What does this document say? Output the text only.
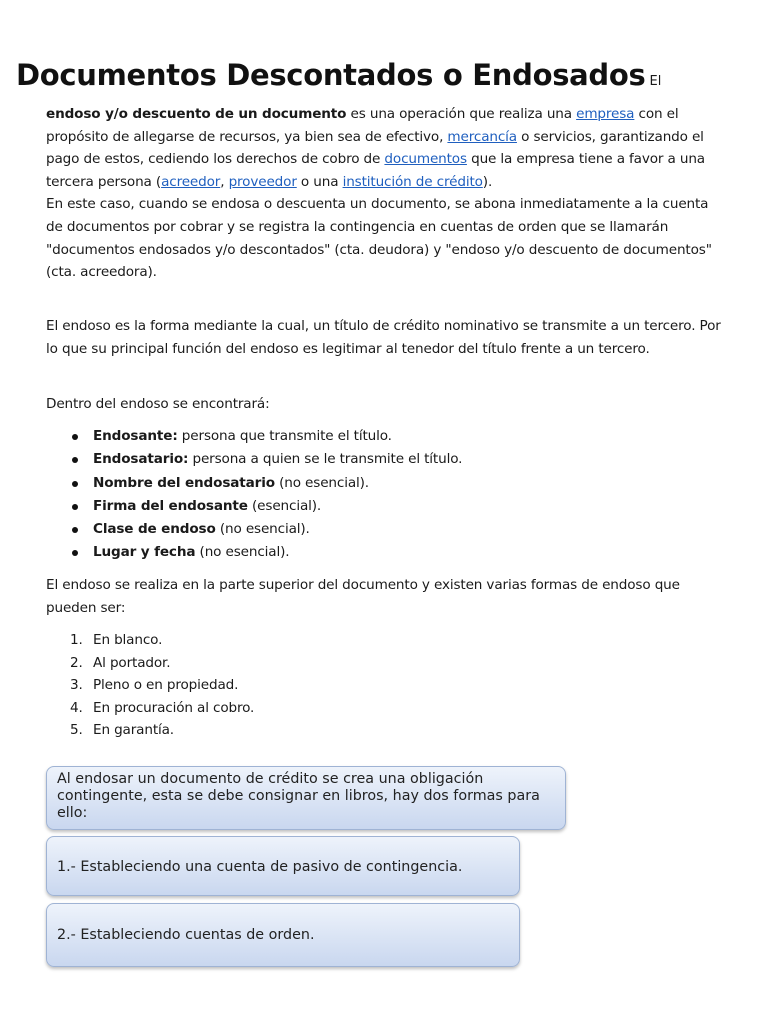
Documentos Descontados o Endosados El

endoso y/o descuento de un documento es una operación que realiza una empresa con el propósito de allegarse de recursos, ya bien sea de efectivo, mercancía o servicios, garantizando el pago de estos, cediendo los derechos de cobro de documentos que la empresa tiene a favor a una tercera persona (acreedor, proveedor o una institución de crédito).
En este caso, cuando se endosa o descuenta un documento, se abona inmediatamente a la cuenta de documentos por cobrar y se registra la contingencia en cuentas de orden que se llamarán "documentos endosados y/o descontados" (cta. deudora) y "endoso y/o descuento de documentos" (cta. acreedora).

El endoso es la forma mediante la cual, un título de crédito nominativo se transmite a un tercero. Por lo que su principal función del endoso es legitimar al tenedor del título frente a un tercero.

Dentro del endoso se encontrará:

Endosante: persona que transmite el título.
Endosatario: persona a quien se le transmite el título.
Nombre del endosatario (no esencial).
Firma del endosante (esencial).
Clase de endoso (no esencial).
Lugar y fecha (no esencial).

El endoso se realiza en la parte superior del documento y existen varias formas de endoso que pueden ser:

1. En blanco.
2. Al portador.
3. Pleno o en propiedad.
4. En procuración al cobro.
5. En garantía.
Al endosar un documento de crédito se crea una obligación contingente, esta se debe consignar en libros, hay dos formas para ello:
1.- Estableciendo una cuenta de pasivo de contingencia.
2.- Estableciendo cuentas de orden.
